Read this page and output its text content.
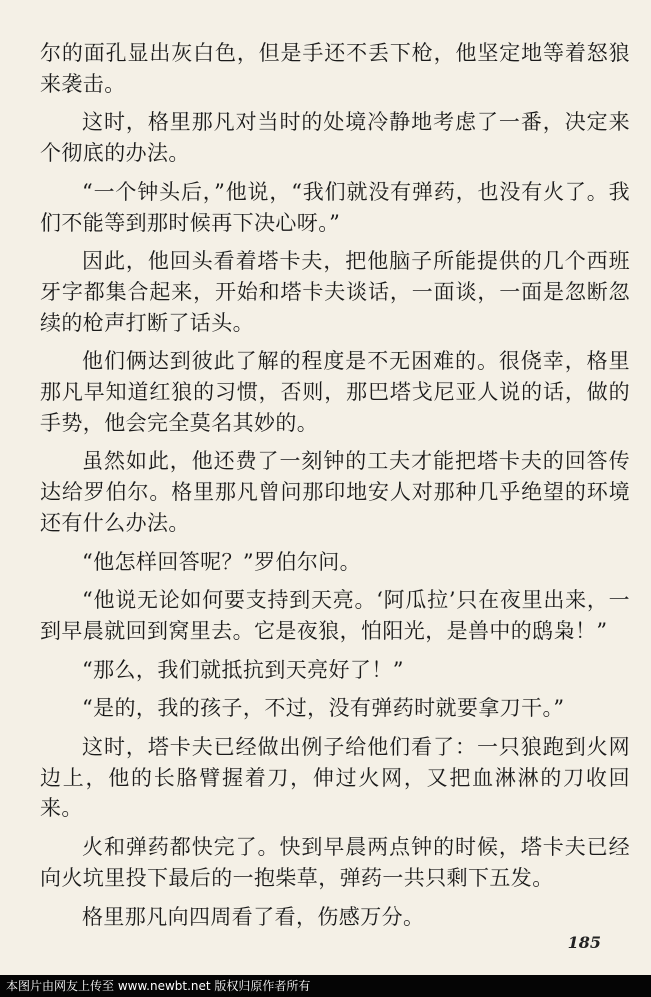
尔的面孔显出灰白色，但是手还不丢下枪，他坚定地等着怒狼来袭击。

这时，格里那凡对当时的处境冷静地考虑了一番，决定来个彻底的办法。

“一个钟头后，”他说，“我们就没有弹药，也没有火了。我们不能等到那时候再下决心呀。”

因此，他回头看着塔卡夫，把他脑子所能提供的几个西班牙字都集合起来，开始和塔卡夫谈话，一面谈，一面是忽断忽续的枪声打断了话头。

他们俩达到彼此了解的程度是不无困难的。很侥幸，格里那凡早知道红狼的习惯，否则，那巴塔戈尼亚人说的话，做的手势，他会完全莫名其妙的。

虽然如此，他还费了一刻钟的工夫才能把塔卡夫的回答传达给罗伯尔。格里那凡曾问那印地安人对那种几乎绝望的环境还有什么办法。

“他怎样回答呢？”罗伯尔问。

“他说无论如何要支持到天亮。‘阿瓜拉’只在夜里出来，一到早晨就回到窝里去。它是夜狼，怕阳光，是兽中的鸱枭！”

“那么，我们就抵抗到天亮好了！”

“是的，我的孩子，不过，没有弹药时就要拿刀干。”

这时，塔卡夫已经做出例子给他们看了：一只狼跑到火网边上，他的长胳臂握着刀，伸过火网，又把血淋淋的刀收回来。

火和弹药都快完了。快到早晨两点钟的时候，塔卡夫已经向火坑里投下最后的一抱柴草，弹药一共只剩下五发。

格里那凡向四周看了看，伤感万分。

185
本图片由网友上传至 www.newbt.net 版权归原作者所有
